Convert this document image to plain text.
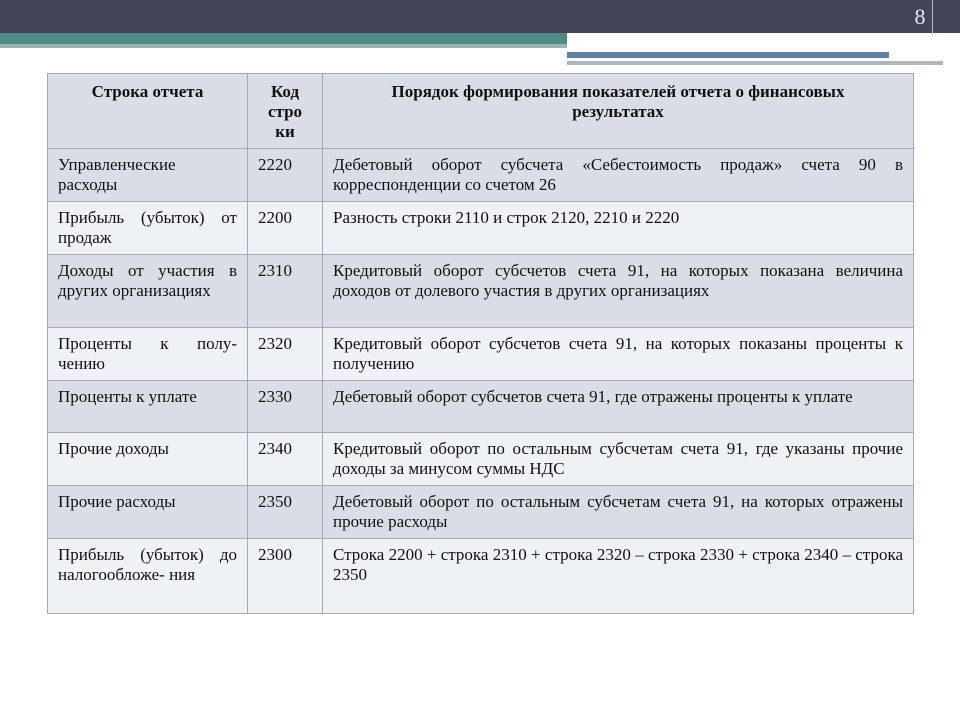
8
Строка отчета	Код стро ки	Порядок формирования показателей отчета о финансовых результатах
Управленческие расходы	2220	Дебетовый оборот субсчета «Себестоимость продаж» счета 90 в корреспонденции со счетом 26
Прибыль (убыток) от продаж	2200	Разность строки 2110 и строк 2120, 2210 и 2220
Доходы от участия в других организациях	2310	Кредитовый оборот субсчетов счета 91, на которых показана величина доходов от долевого участия в других организациях
Проценты к полу- чению	2320	Кредитовый оборот субсчетов счета 91, на которых показаны проценты к получению
Проценты к уплате	2330	Дебетовый оборот субсчетов счета 91, где отражены проценты к уплате
Прочие доходы	2340	Кредитовый оборот по остальным субсчетам счета 91, где указаны прочие доходы за минусом суммы НДС
Прочие расходы	2350	Дебетовый оборот по остальным субсчетам счета 91, на которых отражены прочие расходы
Прибыль (убыток) до налогообложе- ния	2300	Строка 2200 + строка 2310 + строка 2320 – строка 2330 + строка 2340 – строка 2350
